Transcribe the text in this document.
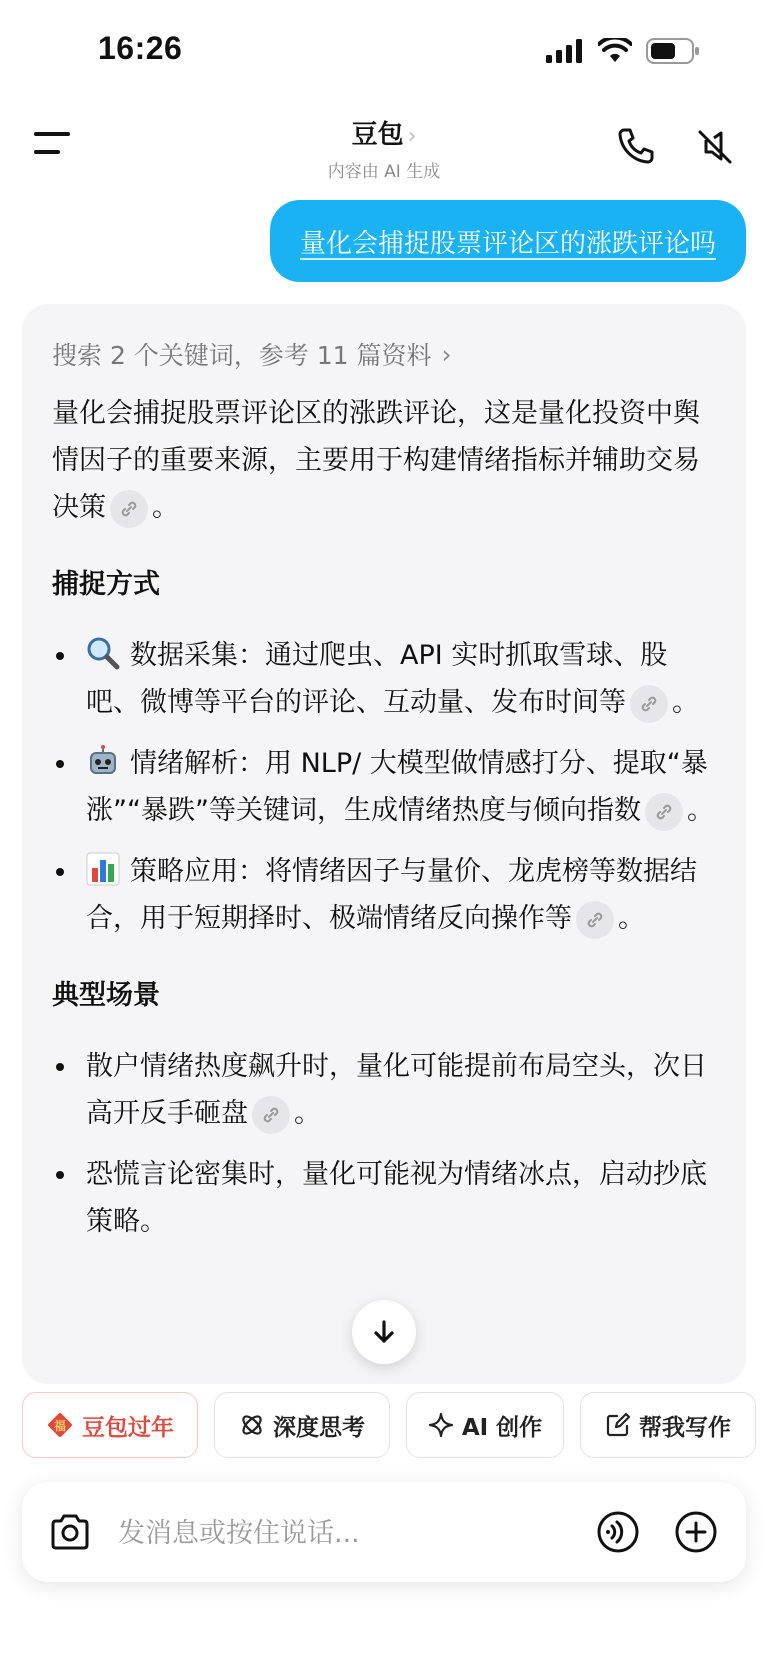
16:26
豆包 ›
内容由 AI 生成
量化会捕捉股票评论区的涨跌评论吗
搜索 2 个关键词，参考 11 篇资料 ›

量化会捕捉股票评论区的涨跌评论，这是量化投资中舆情因子的重要来源，主要用于构建情绪指标并辅助交易决策 。

捕捉方式
数据采集：通过爬虫、API 实时抓取雪球、股吧、微博等平台的评论、互动量、发布时间等 。
情绪解析：用 NLP/ 大模型做情感打分、提取“暴涨”“暴跌”等关键词，生成情绪热度与倾向指数 。
策略应用：将情绪因子与量价、龙虎榜等数据结合，用于短期择时、极端情绪反向操作等 。
典型场景
散户情绪热度飙升时，量化可能提前布局空头，次日高开反手砸盘 。
恐慌言论密集时，量化可能视为情绪冰点，启动抄底策略。
福 豆包过年	深度思考	AI 创作	帮我写作
发消息或按住说话...
